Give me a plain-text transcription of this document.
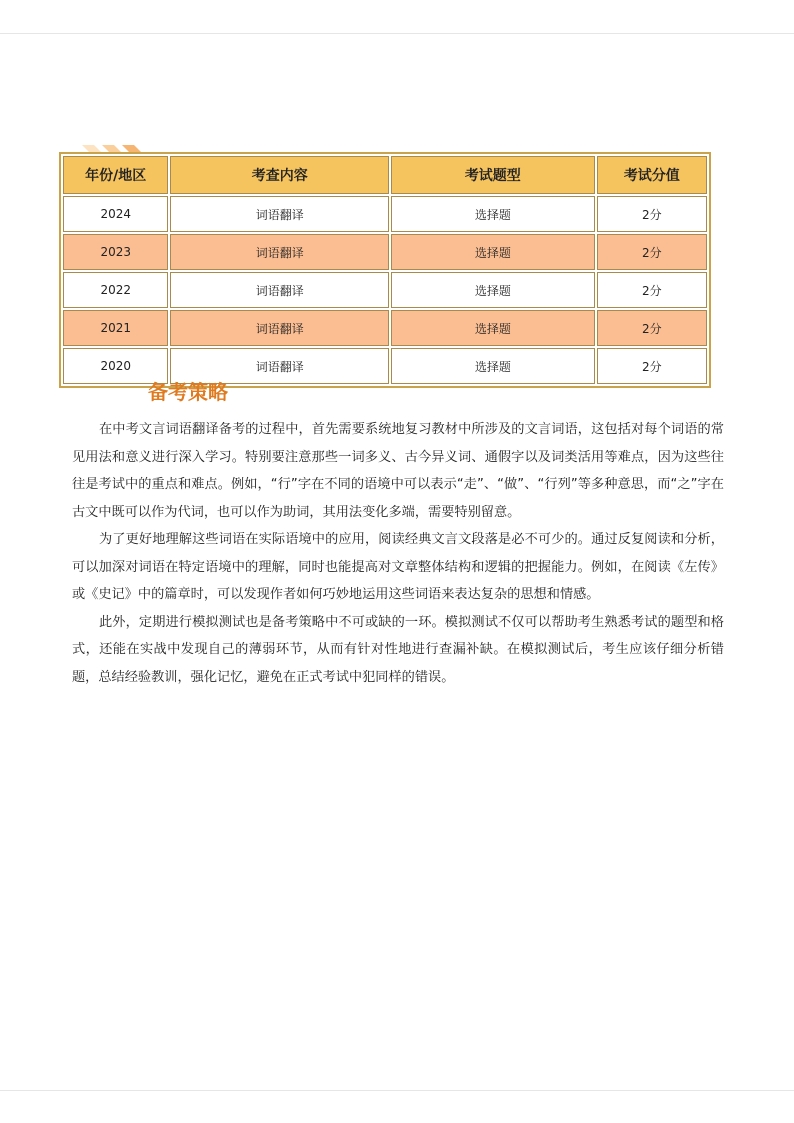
年份/地区	考查内容	考试题型	考试分值
2024	词语翻译	选择题	2分
2023	词语翻译	选择题	2分
2022	词语翻译	选择题	2分
2021	词语翻译	选择题	2分
2020	词语翻译	选择题	2分
备考策略

在中考文言词语翻译备考的过程中，首先需要系统地复习教材中所涉及的文言词语，这包括对每个词语的常见用法和意义进行深入学习。特别要注意那些一词多义、古今异义词、通假字以及词类活用等难点，因为这些往往是考试中的重点和难点。例如，“行”字在不同的语境中可以表示“走”、“做”、“行列”等多种意思，而“之”字在古文中既可以作为代词，也可以作为助词，其用法变化多端，需要特别留意。

为了更好地理解这些词语在实际语境中的应用，阅读经典文言文段落是必不可少的。通过反复阅读和分析，可以加深对词语在特定语境中的理解，同时也能提高对文章整体结构和逻辑的把握能力。例如，在阅读《左传》或《史记》中的篇章时，可以发现作者如何巧妙地运用这些词语来表达复杂的思想和情感。

此外，定期进行模拟测试也是备考策略中不可或缺的一环。模拟测试不仅可以帮助考生熟悉考试的题型和格式，还能在实战中发现自己的薄弱环节，从而有针对性地进行查漏补缺。在模拟测试后，考生应该仔细分析错题，总结经验教训，强化记忆，避免在正式考试中犯同样的错误。
